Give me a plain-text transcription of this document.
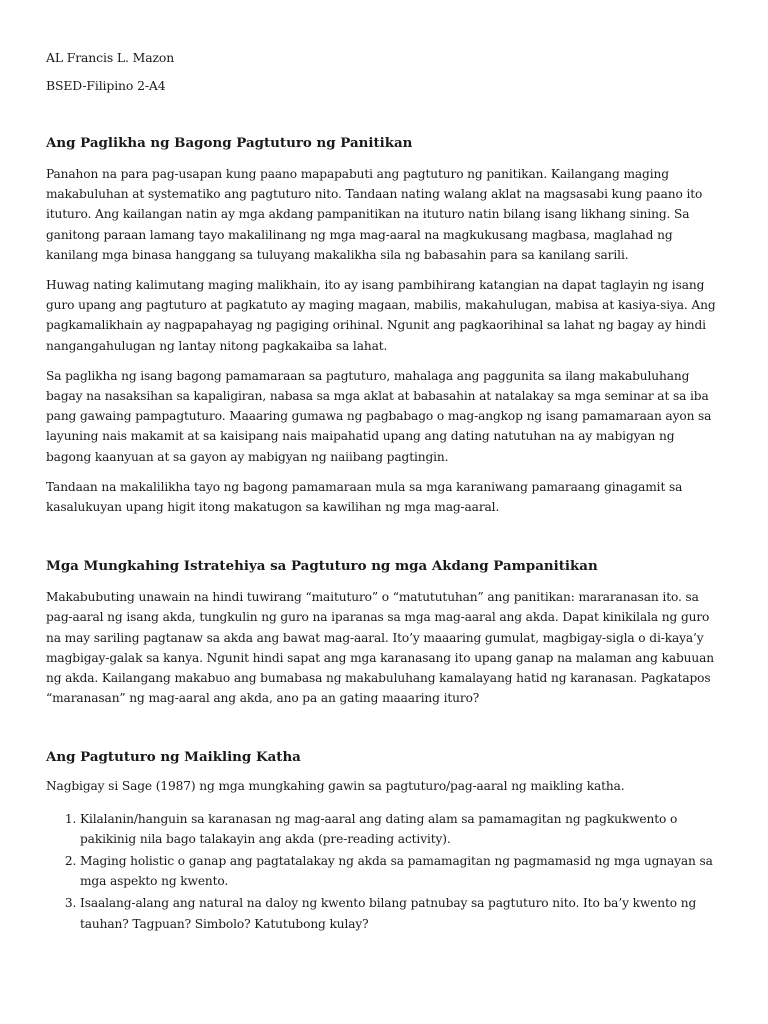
AL Francis L. Mazon

BSED-Filipino 2-A4

Ang Paglikha ng Bagong Pagtuturo ng Panitikan

Panahon na para pag-usapan kung paano mapapabuti ang pagtuturo ng panitikan. Kailangang maging makabuluhan at systematiko ang pagtuturo nito. Tandaan nating walang aklat na magsasabi kung paano ito ituturo. Ang kailangan natin ay mga akdang pampanitikan na ituturo natin bilang isang likhang sining. Sa ganitong paraan lamang tayo makalilinang ng mga mag-aaral na magkukusang magbasa, maglahad ng kanilang mga binasa hanggang sa tuluyang makalikha sila ng babasahin para sa kanilang sarili.

Huwag nating kalimutang maging malikhain, ito ay isang pambihirang katangian na dapat taglayin ng isang guro upang ang pagtuturo at pagkatuto ay maging magaan, mabilis, makahulugan, mabisa at kasiya-siya. Ang pagkamalikhain ay nagpapahayag ng pagiging orihinal. Ngunit ang pagkaorihinal sa lahat ng bagay ay hindi nangangahulugan ng lantay nitong pagkakaiba sa lahat.

Sa paglikha ng isang bagong pamamaraan sa pagtuturo, mahalaga ang paggunita sa ilang makabuluhang bagay na nasaksihan sa kapaligiran, nabasa sa mga aklat at babasahin at natalakay sa mga seminar at sa iba pang gawaing pampagtuturo. Maaaring gumawa ng pagbabago o mag-angkop ng isang pamamaraan ayon sa layuning nais makamit at sa kaisipang nais maipahatid upang ang dating natutuhan na ay mabigyan ng bagong kaanyuan at sa gayon ay mabigyan ng naiibang pagtingin.

Tandaan na makalilikha tayo ng bagong pamamaraan mula sa mga karaniwang pamaraang ginagamit sa kasalukuyan upang higit itong makatugon sa kawilihan ng mga mag-aaral.

Mga Mungkahing Istratehiya sa Pagtuturo ng mga Akdang Pampanitikan

Makabubuting unawain na hindi tuwirang “maituturo” o “matututuhan” ang panitikan: mararanasan ito. sa pag-aaral ng isang akda, tungkulin ng guro na iparanas sa mga mag-aaral ang akda. Dapat kinikilala ng guro na may sariling pagtanaw sa akda ang bawat mag-aaral. Ito’y maaaring gumulat, magbigay-sigla o di-kaya’y magbigay-galak sa kanya. Ngunit hindi sapat ang mga karanasang ito upang ganap na malaman ang kabuuan ng akda. Kailangang makabuo ang bumabasa ng makabuluhang kamalayang hatid ng karanasan. Pagkatapos “maranasan” ng mag-aaral ang akda, ano pa an gating maaaring ituro?

Ang Pagtuturo ng Maikling Katha

Nagbigay si Sage (1987) ng mga mungkahing gawin sa pagtuturo/pag-aaral ng maikling katha.

1. Kilalanin/hanguin sa karanasan ng mag-aaral ang dating alam sa pamamagitan ng pagkukwento o pakikinig nila bago talakayin ang akda (pre-reading activity).
2. Maging holistic o ganap ang pagtatalakay ng akda sa pamamagitan ng pagmamasid ng mga ugnayan sa mga aspekto ng kwento.
3. Isaalang-alang ang natural na daloy ng kwento bilang patnubay sa pagtuturo nito. Ito ba’y kwento ng tauhan? Tagpuan? Simbolo? Katutubong kulay?
